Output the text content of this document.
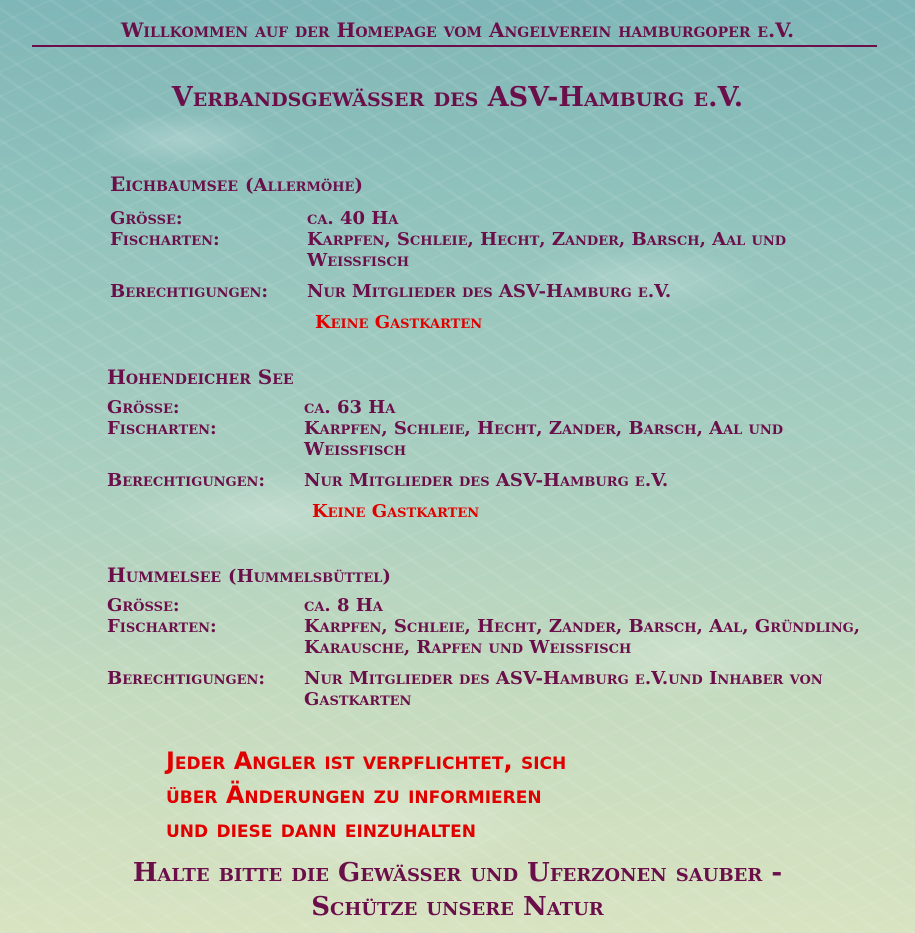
Willkommen auf der Homepage vom Angelverein hamburgoper e.V.

Verbandsgewässer des ASV-Hamburg e.V.
Eichbaumsee (Allermöhe)
Grösse:	ca. 40 Ha
Fischarten:	Karpfen, Schleie, Hecht, Zander, Barsch, Aal und Weissfisch
Berechtigungen:	Nur Mitglieder des ASV-Hamburg e.V.
Keine Gastkarten
Hohendeicher See
Grösse:	ca. 63 Ha
Fischarten:	Karpfen, Schleie, Hecht, Zander, Barsch, Aal und Weissfisch
Berechtigungen:	Nur Mitglieder des ASV-Hamburg e.V.
Keine Gastkarten
Hummelsee (Hummelsbüttel)
Grösse:	ca. 8 Ha
Fischarten:	Karpfen, Schleie, Hecht, Zander, Barsch, Aal, Gründling, Karausche, Rapfen und Weissfisch
Berechtigungen:	Nur Mitglieder des ASV-Hamburg e.V.und Inhaber von Gastkarten
Jeder Angler ist verpflichtet, sich
über Änderungen zu informieren
und diese dann einzuhalten
Halte bitte die Gewässer und Uferzonen sauber -
Schütze unsere Natur
